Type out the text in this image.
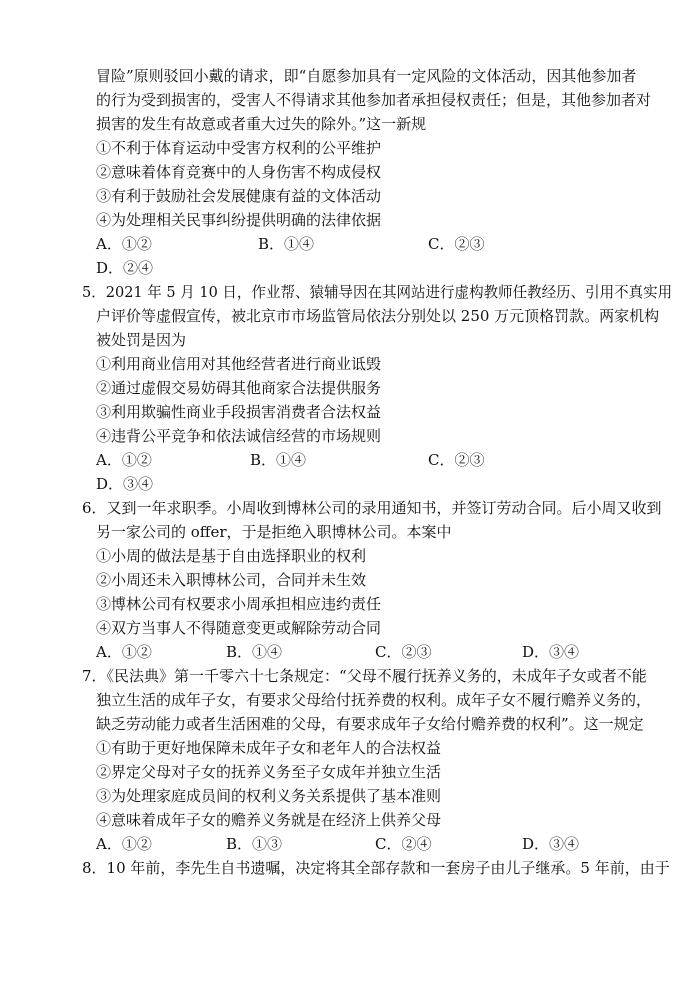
冒险”原则驳回小戴的请求，即“自愿参加具有一定风险的文体活动，因其他参加者
的行为受到损害的，受害人不得请求其他参加者承担侵权责任；但是，其他参加者对
损害的发生有故意或者重大过失的除外。”这一新规
①不利于体育运动中受害方权利的公平维护
②意味着体育竞赛中的人身伤害不构成侵权
③有利于鼓励社会发展健康有益的文体活动
④为处理相关民事纠纷提供明确的法律依据
A．①②	B．①④	C．②③
D．②④
5．2021 年 5 月 10 日，作业帮、猿辅导因在其网站进行虚构教师任教经历、引用不真实用
户评价等虚假宣传，被北京市市场监管局依法分别处以 250 万元顶格罚款。两家机构
被处罚是因为
①利用商业信用对其他经营者进行商业诋毁
②通过虚假交易妨碍其他商家合法提供服务
③利用欺骗性商业手段损害消费者合法权益
④违背公平竞争和依法诚信经营的市场规则
A．①②	B．①④	C．②③
D．③④
6．又到一年求职季。小周收到博林公司的录用通知书，并签订劳动合同。后小周又收到
另一家公司的 offer，于是拒绝入职博林公司。本案中
①小周的做法是基于自由选择职业的权利
②小周还未入职博林公司，合同并未生效
③博林公司有权要求小周承担相应违约责任
④双方当事人不得随意变更或解除劳动合同
A．①②	B．①④	C．②③	D．③④
7．《民法典》第一千零六十七条规定：“父母不履行抚养义务的，未成年子女或者不能
独立生活的成年子女，有要求父母给付抚养费的权利。成年子女不履行赡养义务的，
缺乏劳动能力或者生活困难的父母，有要求成年子女给付赡养费的权利”。这一规定
①有助于更好地保障未成年子女和老年人的合法权益
②界定父母对子女的抚养义务至子女成年并独立生活
③为处理家庭成员间的权利义务关系提供了基本准则
④意味着成年子女的赡养义务就是在经济上供养父母
A．①②	B．①③	C．②④	D．③④
8．10 年前，李先生自书遗嘱，决定将其全部存款和一套房子由儿子继承。5 年前，由于
